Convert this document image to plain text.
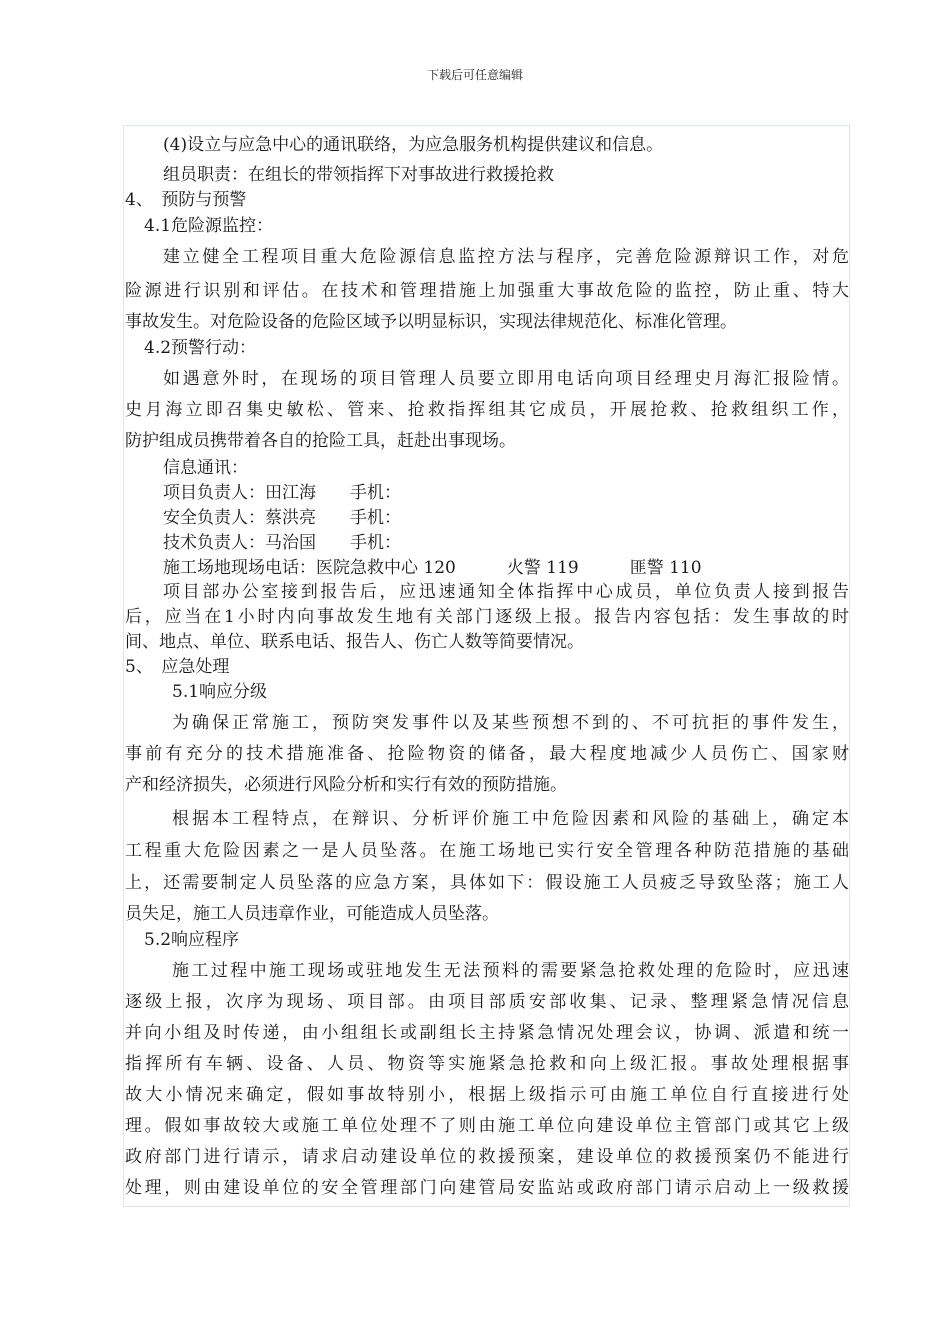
下载后可任意编辑
(4)设立与应急中心的通讯联络，为应急服务机构提供建议和信息。
组员职责：在组长的带领指挥下对事故进行救援抢救
4、　预防与预警
4.1危险源监控：
建立健全工程项目重大危险源信息监控方法与程序，完善危险源辩识工作，对危
险源进行识别和评估。在技术和管理措施上加强重大事故危险的监控，防止重、特大
事故发生。对危险设备的危险区域予以明显标识，实现法律规范化、标准化管理。
4.2预警行动：
如遇意外时，在现场的项目管理人员要立即用电话向项目经理史月海汇报险情。
史月海立即召集史敏松、管来、抢救指挥组其它成员，开展抢救、抢救组织工作，
防护组成员携带着各自的抢险工具，赶赴出事现场。
信息通讯：
项目负责人：田江海　　手机：
安全负责人：蔡洪亮　　手机：
技术负责人：马治国　　手机：
施工场地现场电话：医院急救中心 120　　　火警 119　　　匪警 110
项目部办公室接到报告后，应迅速通知全体指挥中心成员，单位负责人接到报告
后，应当在1小时内向事故发生地有关部门逐级上报。报告内容包括：发生事故的时
间、地点、单位、联系电话、报告人、伤亡人数等简要情况。
5、　应急处理
5.1响应分级
为确保正常施工，预防突发事件以及某些预想不到的、不可抗拒的事件发生，
事前有充分的技术措施准备、抢险物资的储备，最大程度地减少人员伤亡、国家财
产和经济损失，必须进行风险分析和实行有效的预防措施。
根据本工程特点，在辩识、分析评价施工中危险因素和风险的基础上，确定本
工程重大危险因素之一是人员坠落。在施工场地已实行安全管理各种防范措施的基础
上，还需要制定人员坠落的应急方案，具体如下：假设施工人员疲乏导致坠落；施工人
员失足，施工人员违章作业，可能造成人员坠落。
5.2响应程序
施工过程中施工现场或驻地发生无法预料的需要紧急抢救处理的危险时，应迅速
逐级上报，次序为现场、项目部。由项目部质安部收集、记录、整理紧急情况信息
并向小组及时传递，由小组组长或副组长主持紧急情况处理会议，协调、派遣和统一
指挥所有车辆、设备、人员、物资等实施紧急抢救和向上级汇报。事故处理根据事
故大小情况来确定，假如事故特别小，根据上级指示可由施工单位自行直接进行处
理。假如事故较大或施工单位处理不了则由施工单位向建设单位主管部门或其它上级
政府部门进行请示，请求启动建设单位的救援预案，建设单位的救援预案仍不能进行
处理，则由建设单位的安全管理部门向建管局安监站或政府部门请示启动上一级救援
